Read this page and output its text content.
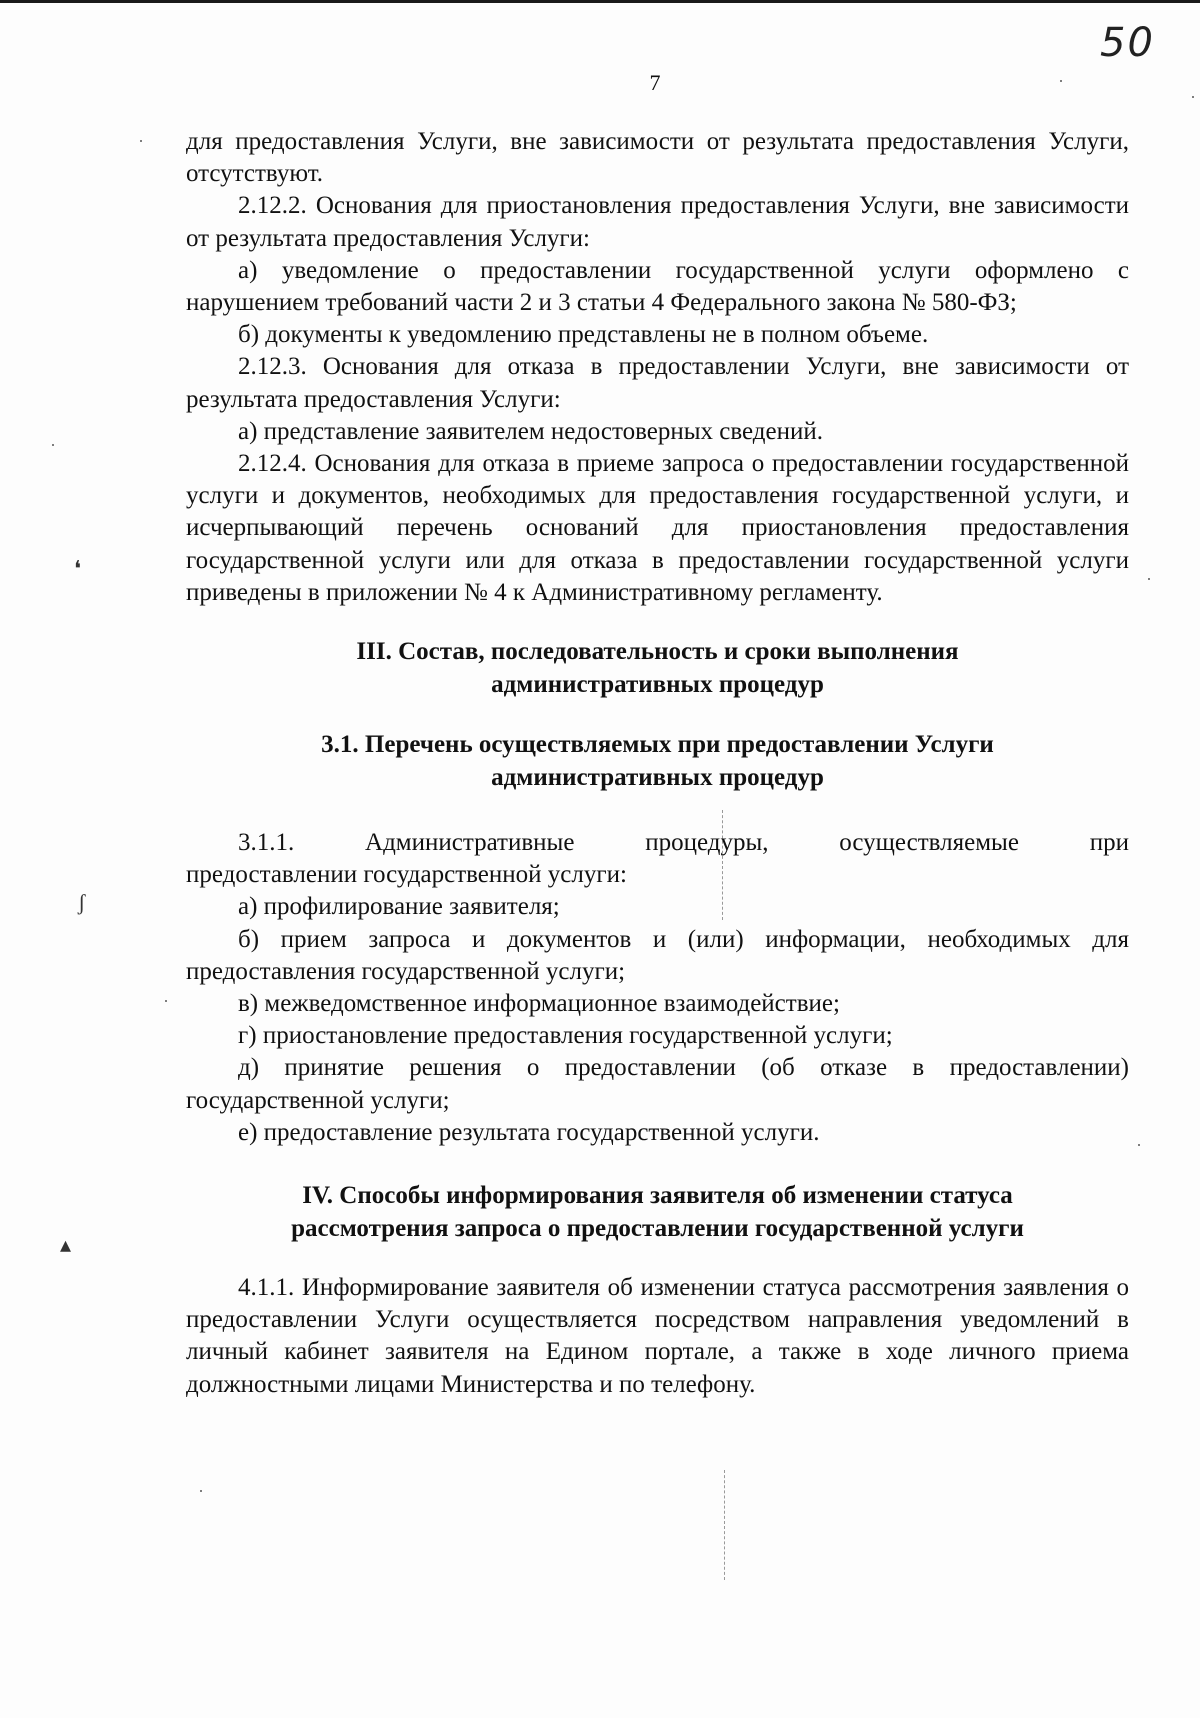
50
7
❛
ʃ
▴

для предоставления Услуги, вне зависимости от результата предоставления Услуги, отсутствуют.

2.12.2. Основания для приостановления предоставления Услуги, вне зависимости от результата предоставления Услуги:

а) уведомление о предоставлении государственной услуги оформлено с нарушением требований части 2 и 3 статьи 4 Федерального закона № 580-ФЗ;

б) документы к уведомлению представлены не в полном объеме.

2.12.3. Основания для отказа в предоставлении Услуги, вне зависимости от результата предоставления Услуги:

а) представление заявителем недостоверных сведений.

2.12.4. Основания для отказа в приеме запроса о предоставлении государственной услуги и документов, необходимых для предоставления государственной услуги, и исчерпывающий перечень оснований для приостановления предоставления государственной услуги или для отказа в предоставлении государственной услуги приведены в приложении № 4 к Административному регламенту.

III. Состав, последовательность и сроки выполнения
административных процедур
3.1. Перечень осуществляемых при предоставлении Услуги
административных процедур

3.1.1.	Административные	процедуры,	осуществляемые	при

предоставлении государственной услуги:

а) профилирование заявителя;

б) прием запроса и документов и (или) информации, необходимых для предоставления государственной услуги;

в) межведомственное информационное взаимодействие;

г) приостановление предоставления государственной услуги;

д) принятие решения о предоставлении (об отказе в предоставлении) государственной услуги;

е) предоставление результата государственной услуги.

IV. Способы информирования заявителя об изменении статуса
рассмотрения запроса о предоставлении государственной услуги

4.1.1. Информирование заявителя об изменении статуса рассмотрения заявления о предоставлении Услуги осуществляется посредством направления уведомлений в личный кабинет заявителя на Едином портале, а также в ходе личного приема должностными лицами Министерства и по телефону.
